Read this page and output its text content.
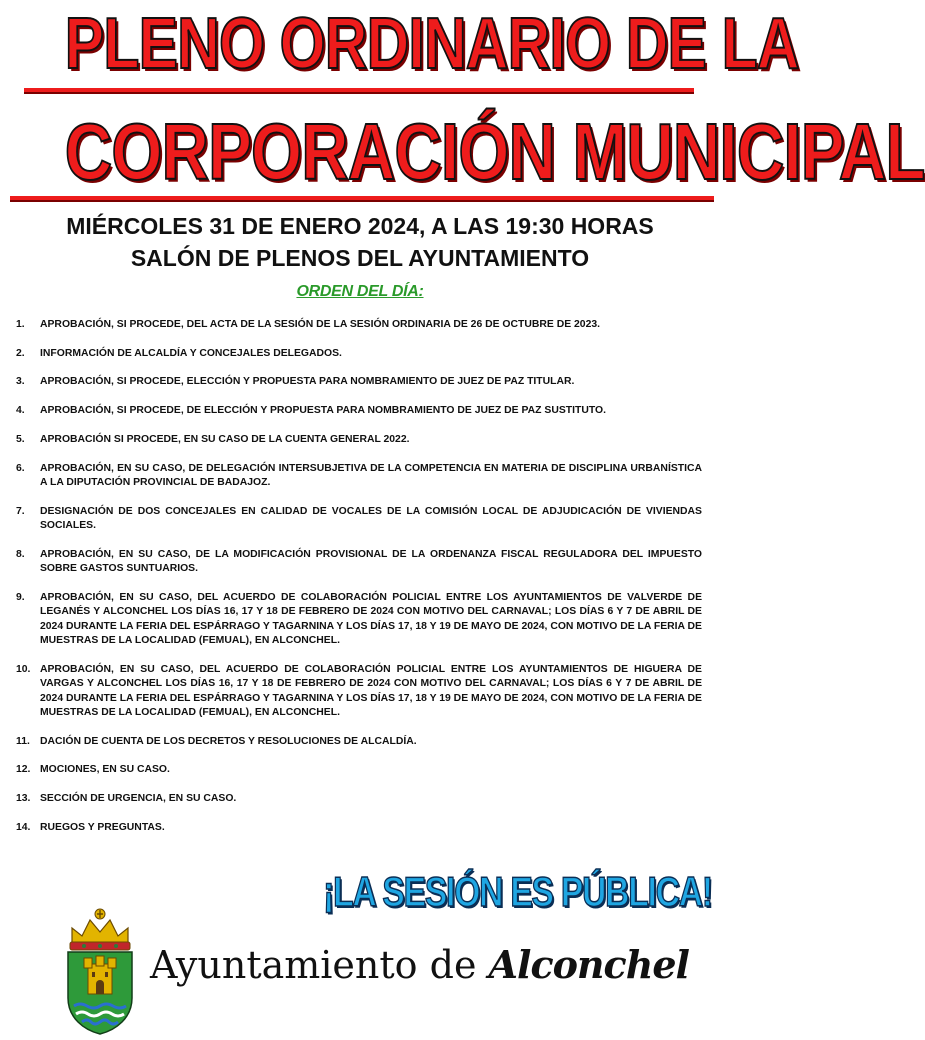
PLENO ORDINARIO DE LA
CORPORACIÓN MUNICIPAL
MIÉRCOLES 31 DE ENERO 2024, A LAS 19:30 HORAS
SALÓN DE PLENOS DEL AYUNTAMIENTO
ORDEN DEL DÍA:
1.	APROBACIÓN, SI PROCEDE, DEL ACTA DE LA SESIÓN DE LA SESIÓN ORDINARIA DE 26 DE OCTUBRE DE 2023.
2.	INFORMACIÓN DE ALCALDÍA Y CONCEJALES DELEGADOS.
3.	APROBACIÓN, SI PROCEDE, ELECCIÓN Y PROPUESTA PARA NOMBRAMIENTO DE JUEZ DE PAZ TITULAR.
4.	APROBACIÓN, SI PROCEDE, DE ELECCIÓN Y PROPUESTA PARA NOMBRAMIENTO DE JUEZ DE PAZ SUSTITUTO.
5.	APROBACIÓN SI PROCEDE, EN SU CASO DE LA CUENTA GENERAL 2022.
6.	APROBACIÓN, EN SU CASO, DE DELEGACIÓN INTERSUBJETIVA DE LA COMPETENCIA EN MATERIA DE DISCIPLINA URBANÍSTICA A LA DIPUTACIÓN PROVINCIAL DE BADAJOZ.
7.	DESIGNACIÓN DE DOS CONCEJALES EN CALIDAD DE VOCALES DE LA COMISIÓN LOCAL DE ADJUDICACIÓN DE VIVIENDAS SOCIALES.
8.	APROBACIÓN, EN SU CASO, DE LA MODIFICACIÓN PROVISIONAL DE LA ORDENANZA FISCAL REGULADORA DEL IMPUESTO SOBRE GASTOS SUNTUARIOS.
9.	APROBACIÓN, EN SU CASO, DEL ACUERDO DE COLABORACIÓN POLICIAL ENTRE LOS AYUNTAMIENTOS DE VALVERDE DE LEGANÉS Y ALCONCHEL LOS DÍAS 16, 17 Y 18 DE FEBRERO DE 2024 CON MOTIVO DEL CARNAVAL; LOS DÍAS 6 Y 7 DE ABRIL DE 2024 DURANTE LA FERIA DEL ESPÁRRAGO Y TAGARNINA Y LOS DÍAS 17, 18 Y 19 DE MAYO DE 2024, CON MOTIVO DE LA FERIA DE MUESTRAS DE LA LOCALIDAD (FEMUAL), EN ALCONCHEL.
10. APROBACIÓN, EN SU CASO, DEL ACUERDO DE COLABORACIÓN POLICIAL ENTRE LOS AYUNTAMIENTOS DE HIGUERA DE VARGAS Y ALCONCHEL LOS DÍAS 16, 17 Y 18 DE FEBRERO DE 2024 CON MOTIVO DEL CARNAVAL; LOS DÍAS 6 Y 7 DE ABRIL DE 2024 DURANTE LA FERIA DEL ESPÁRRAGO Y TAGARNINA Y LOS DÍAS 17, 18 Y 19 DE MAYO DE 2024, CON MOTIVO DE LA FERIA DE MUESTRAS DE LA LOCALIDAD (FEMUAL), EN ALCONCHEL.
11. DACIÓN DE CUENTA DE LOS DECRETOS Y RESOLUCIONES DE ALCALDÍA.
12. MOCIONES, EN SU CASO.
13. SECCIÓN DE URGENCIA, EN SU CASO.
14. RUEGOS Y PREGUNTAS.
¡LA SESIÓN ES PÚBLICA!
Ayuntamiento de Alconchel
